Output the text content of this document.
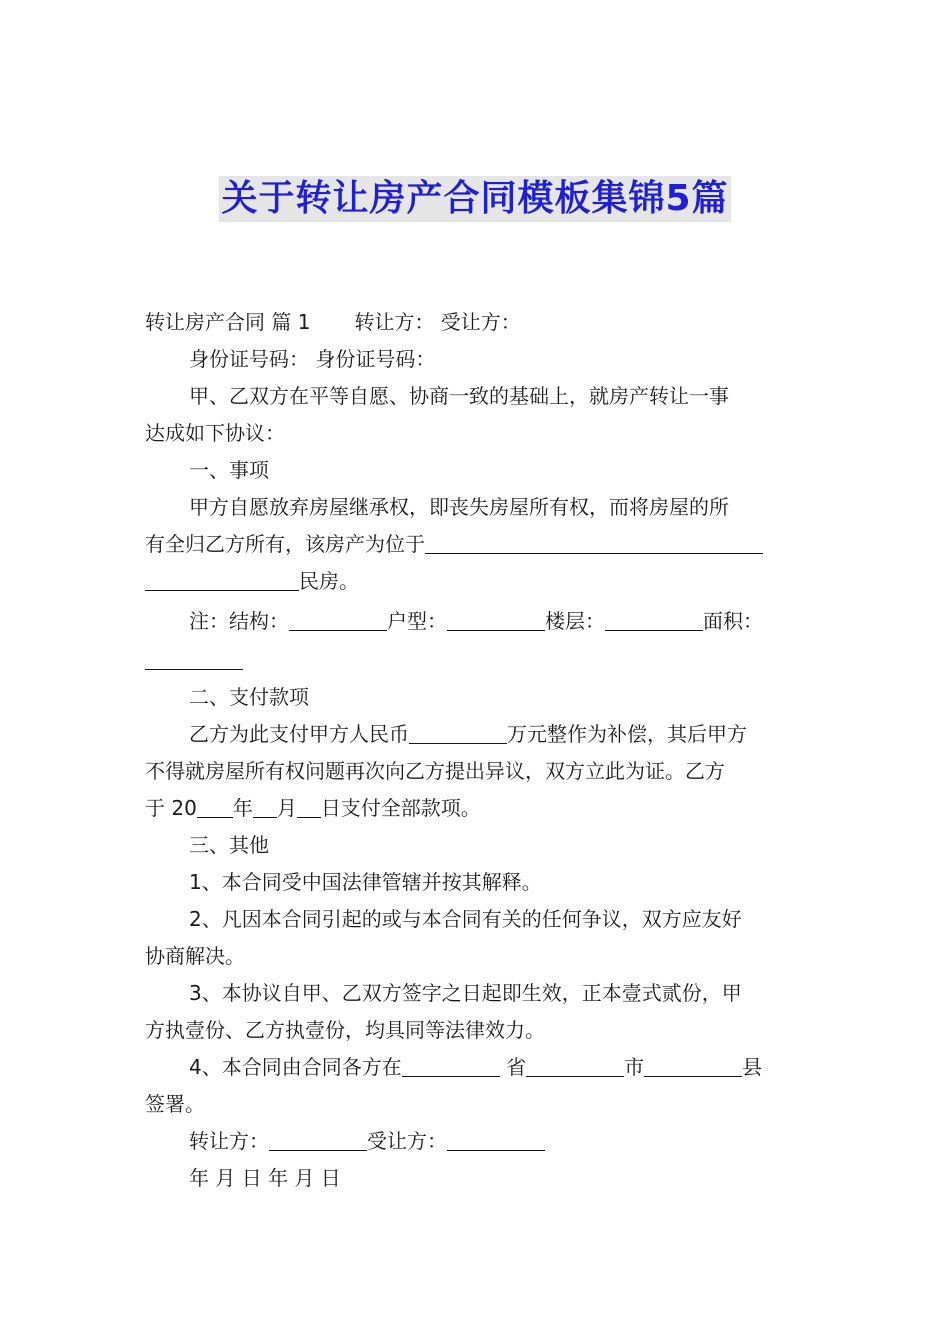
关于转让房产合同模板集锦5篇
转让房产合同 篇 1 转让方： 受让方：
身份证号码： 身份证号码：
甲、乙双方在平等自愿、协商一致的基础上，就房产转让一事
达成如下协议：
一、事项
甲方自愿放弃房屋继承权，即丧失房屋所有权，而将房屋的所
有全归乙方所有，该房产为位于
民房。
注：结构：	户型：	楼层：	面积：
二、支付款项
乙方为此支付甲方人民币	万元整作为补偿，其后甲方
不得就房屋所有权问题再次向乙方提出异议，双方立此为证。乙方
于 20 年 月 日支付全部款项。
三、其他
1、本合同受中国法律管辖并按其解释。
2、凡因本合同引起的或与本合同有关的任何争议，双方应友好
协商解决。
3、本协议自甲、乙双方签字之日起即生效，正本壹式贰份，甲
方执壹份、乙方执壹份，均具同等法律效力。
4、本合同由合同各方在	省	市	县
签署。
转让方：	受让方：
年 月 日 年 月 日
